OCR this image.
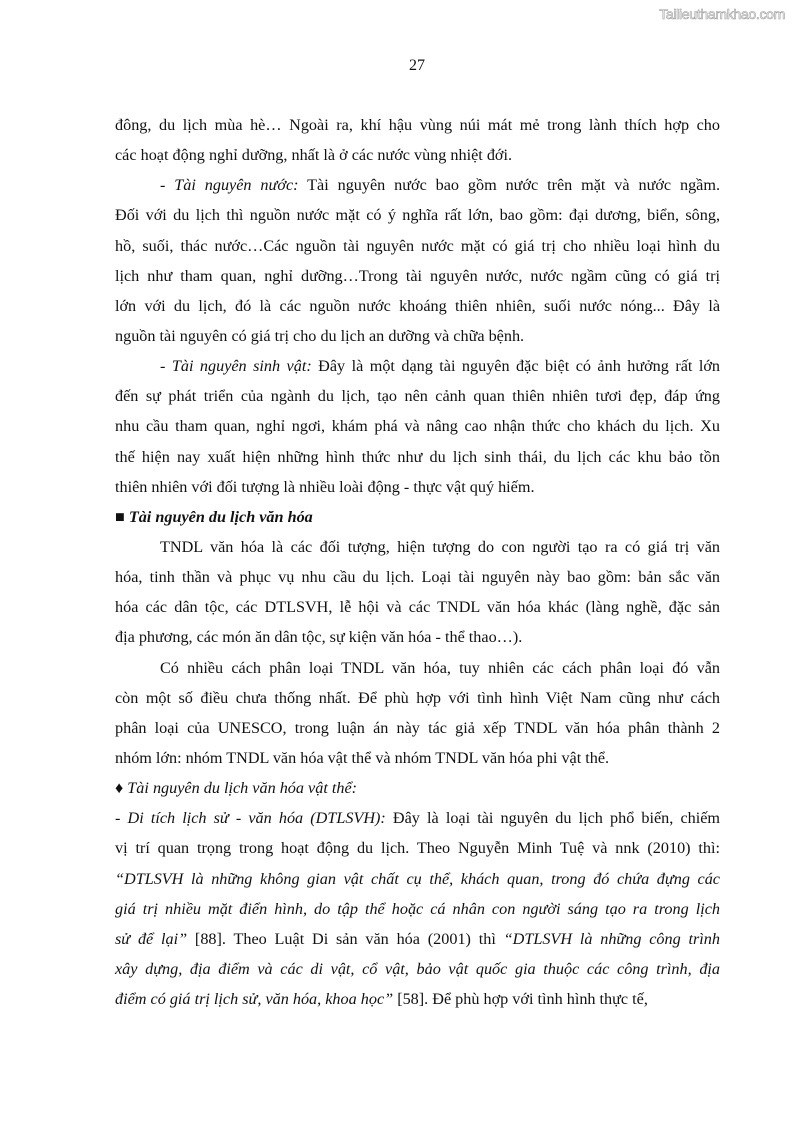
Tailieuthamkhao.com
27
đông, du lịch mùa hè… Ngoài ra, khí hậu vùng núi mát mẻ trong lành thích hợp cho
các hoạt động nghỉ dưỡng, nhất là ở các nước vùng nhiệt đới.
- Tài nguyên nước: Tài nguyên nước bao gồm nước trên mặt và nước ngầm.
Đối với du lịch thì nguồn nước mặt có ý nghĩa rất lớn, bao gồm: đại dương, biển, sông,
hồ, suối, thác nước…Các nguồn tài nguyên nước mặt có giá trị cho nhiều loại hình du
lịch như tham quan, nghỉ dưỡng…Trong tài nguyên nước, nước ngầm cũng có giá trị
lớn với du lịch, đó là các nguồn nước khoáng thiên nhiên, suối nước nóng... Đây là
nguồn tài nguyên có giá trị cho du lịch an dưỡng và chữa bệnh.
- Tài nguyên sinh vật: Đây là một dạng tài nguyên đặc biệt có ảnh hưởng rất lớn
đến sự phát triển của ngành du lịch, tạo nên cảnh quan thiên nhiên tươi đẹp, đáp ứng
nhu cầu tham quan, nghỉ ngơi, khám phá và nâng cao nhận thức cho khách du lịch. Xu
thế hiện nay xuất hiện những hình thức như du lịch sinh thái, du lịch các khu bảo tồn
thiên nhiên với đối tượng là nhiều loài động - thực vật quý hiếm.
■ Tài nguyên du lịch văn hóa
TNDL văn hóa là các đối tượng, hiện tượng do con người tạo ra có giá trị văn
hóa, tinh thần và phục vụ nhu cầu du lịch. Loại tài nguyên này bao gồm: bản sắc văn
hóa các dân tộc, các DTLSVH, lễ hội và các TNDL văn hóa khác (làng nghề, đặc sản
địa phương, các món ăn dân tộc, sự kiện văn hóa - thể thao…).
Có nhiều cách phân loại TNDL văn hóa, tuy nhiên các cách phân loại đó vẫn
còn một số điều chưa thống nhất. Để phù hợp với tình hình Việt Nam cũng như cách
phân loại của UNESCO, trong luận án này tác giả xếp TNDL văn hóa phân thành 2
nhóm lớn: nhóm TNDL văn hóa vật thể và nhóm TNDL văn hóa phi vật thể.
♦ Tài nguyên du lịch văn hóa vật thể:
- Di tích lịch sử - văn hóa (DTLSVH): Đây là loại tài nguyên du lịch phổ biến, chiếm
vị trí quan trọng trong hoạt động du lịch. Theo Nguyễn Minh Tuệ và nnk (2010) thì:
“DTLSVH là những không gian vật chất cụ thể, khách quan, trong đó chứa đựng các
giá trị nhiều mặt điển hình, do tập thể hoặc cá nhân con người sáng tạo ra trong lịch
sử để lại” [88]. Theo Luật Di sản văn hóa (2001) thì “DTLSVH là những công trình
xây dựng, địa điểm và các di vật, cổ vật, bảo vật quốc gia thuộc các công trình, địa
điểm có giá trị lịch sử, văn hóa, khoa học” [58]. Để phù hợp với tình hình thực tế,
